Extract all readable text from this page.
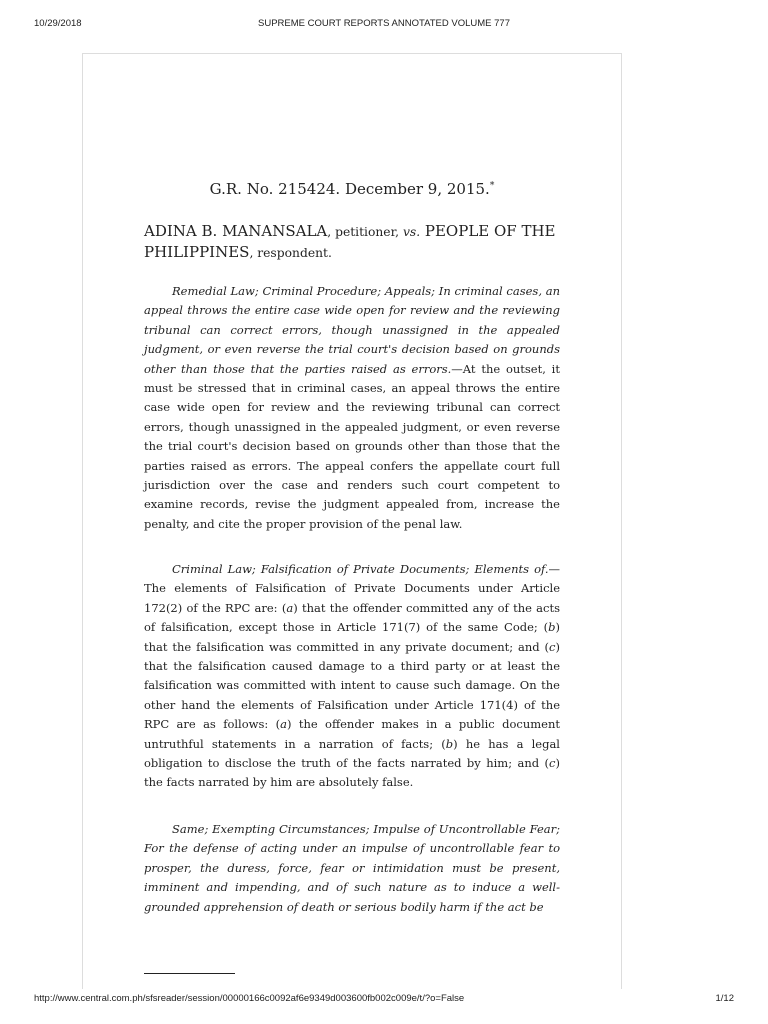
10/29/2018	SUPREME COURT REPORTS ANNOTATED VOLUME 777
G.R. No. 215424. December 9, 2015.*

ADINA B. MANANSALA, petitioner, vs. PEOPLE OF THE PHILIPPINES, respondent.

Remedial Law; Criminal Procedure; Appeals; In criminal cases, an appeal throws the entire case wide open for review and the reviewing tribunal can correct errors, though unassigned in the appealed judgment, or even reverse the trial court's decision based on grounds other than those that the parties raised as errors.—At the outset, it must be stressed that in criminal cases, an appeal throws the entire case wide open for review and the reviewing tribunal can correct errors, though unassigned in the appealed judgment, or even reverse the trial court's decision based on grounds other than those that the parties raised as errors. The appeal confers the appellate court full jurisdiction over the case and renders such court competent to examine records, revise the judgment appealed from, increase the penalty, and cite the proper provision of the penal law.

Criminal Law; Falsification of Private Documents; Elements of.—The elements of Falsification of Private Documents under Article 172(2) of the RPC are: (a) that the offender committed any of the acts of falsification, except those in Article 171(7) of the same Code; (b) that the falsification was committed in any private document; and (c) that the falsification caused damage to a third party or at least the falsification was committed with intent to cause such damage. On the other hand the elements of Falsification under Article 171(4) of the RPC are as follows: (a) the offender makes in a public document untruthful statements in a narration of facts; (b) he has a legal obligation to disclose the truth of the facts narrated by him; and (c) the facts narrated by him are absolutely false.

Same; Exempting Circumstances; Impulse of Uncontrollable Fear; For the defense of acting under an impulse of uncontrollable fear to prosper, the duress, force, fear or intimidation must be present, imminent and impending, and of such nature as to induce a well-grounded apprehension of death or serious bodily harm if the act be

http://www.central.com.ph/sfsreader/session/00000166c0092af6e9349d003600fb002c009e/t/?o=False	1/12
